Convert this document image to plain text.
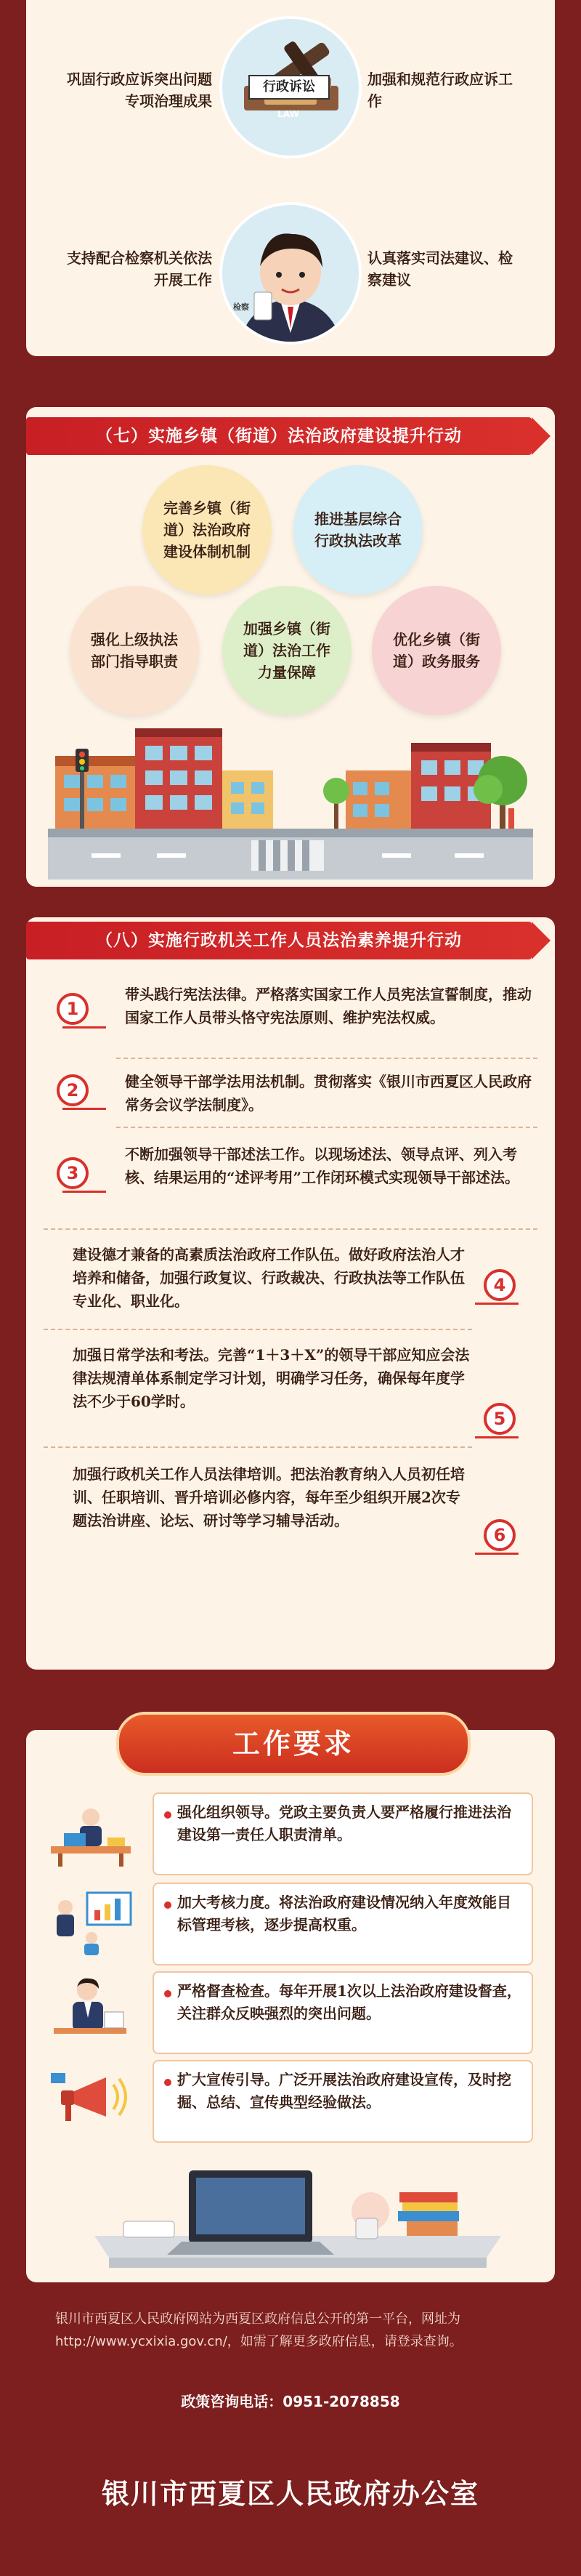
巩固行政应诉突出问题专项治理成果
行政诉讼
LAW
加强和规范行政应诉工作
支持配合检察机关依法开展工作
检察
认真落实司法建议、检察建议
（七）实施乡镇（街道）法治政府建设提升行动
完善乡镇（街道）法治政府建设体制机制
推进基层综合行政执法改革
强化上级执法部门指导职责
加强乡镇（街道）法治工作力量保障
优化乡镇（街道）政务服务
（八）实施行政机关工作人员法治素养提升行动
1
带头践行宪法法律。严格落实国家工作人员宪法宣誓制度，推动国家工作人员带头恪守宪法原则、维护宪法权威。
2	健全领导干部学法用法机制。贯彻落实《银川市西夏区人民政府常务会议学法制度》。
3
不断加强领导干部述法工作。以现场述法、领导点评、列入考核、结果运用的“述评考用”工作闭环模式实现领导干部述法。
建设德才兼备的高素质法治政府工作队伍。做好政府法治人才培养和储备，加强行政复议、行政裁决、行政执法等工作队伍专业化、职业化。
4
加强日常学法和考法。完善“1＋3＋X”的领导干部应知应会法律法规清单体系制定学习计划，明确学习任务，确保每年度学法不少于60学时。
5
加强行政机关工作人员法律培训。把法治教育纳入人员初任培训、任职培训、晋升培训必修内容，每年至少组织开展2次专题法治讲座、论坛、研讨等学习辅导活动。
6
工作要求
强化组织领导。党政主要负责人要严格履行推进法治建设第一责任人职责清单。
加大考核力度。将法治政府建设情况纳入年度效能目标管理考核，逐步提高权重。
严格督查检查。每年开展1次以上法治政府建设督查，关注群众反映强烈的突出问题。
扩大宣传引导。广泛开展法治政府建设宣传，及时挖掘、总结、宣传典型经验做法。
银川市西夏区人民政府网站为西夏区政府信息公开的第一平台，网址为http://www.ycxixia.gov.cn/，如需了解更多政府信息，请登录查询。
政策咨询电话：0951-2078858
银川市西夏区人民政府办公室
